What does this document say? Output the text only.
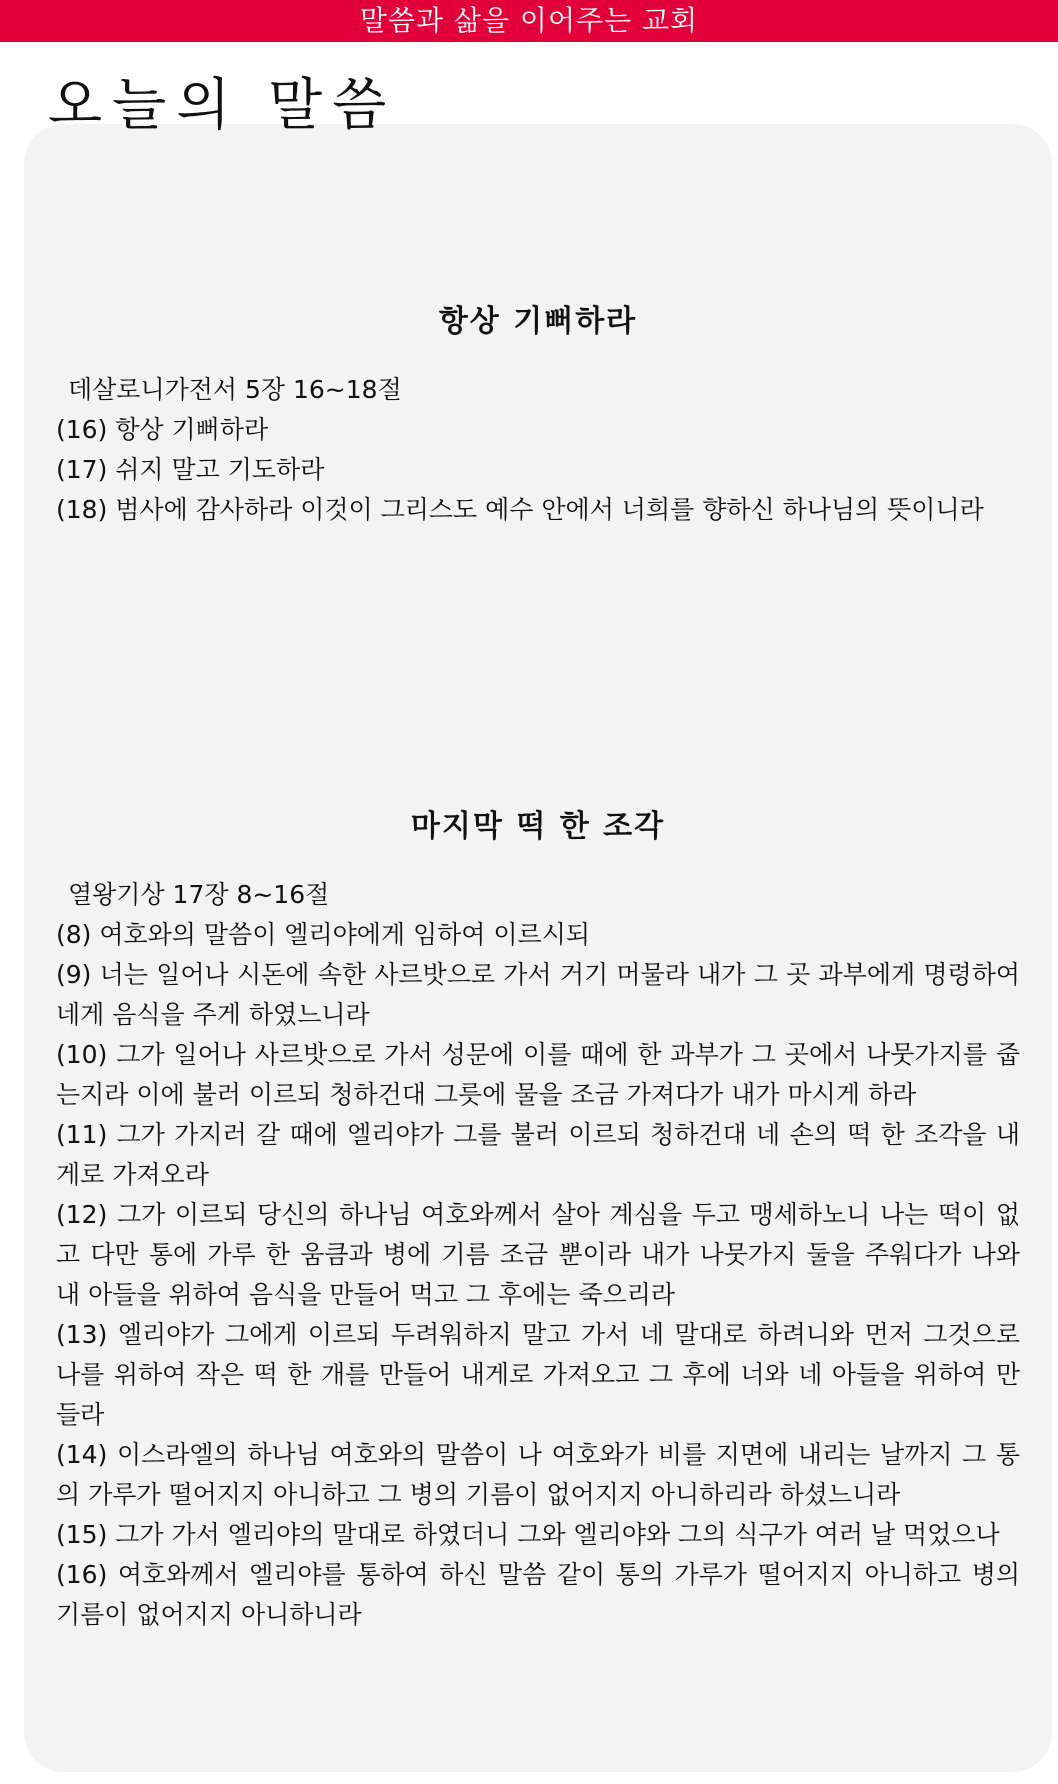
말씀과 삶을 이어주는 교회
오늘의 말씀
항상 기뻐하라

데살로니가전서 5장 16~18절

(16) 항상 기뻐하라

(17) 쉬지 말고 기도하라

(18) 범사에 감사하라 이것이 그리스도 예수 안에서 너희를 향하신 하나님의 뜻이니라

마지막 떡 한 조각

열왕기상 17장 8~16절

(8) 여호와의 말씀이 엘리야에게 임하여 이르시되

(9) 너는 일어나 시돈에 속한 사르밧으로 가서 거기 머물라 내가 그 곳 과부에게 명령하여 네게 음식을 주게 하였느니라

(10) 그가 일어나 사르밧으로 가서 성문에 이를 때에 한 과부가 그 곳에서 나뭇가지를 줍는지라 이에 불러 이르되 청하건대 그릇에 물을 조금 가져다가 내가 마시게 하라

(11) 그가 가지러 갈 때에 엘리야가 그를 불러 이르되 청하건대 네 손의 떡 한 조각을 내게로 가져오라

(12) 그가 이르되 당신의 하나님 여호와께서 살아 계심을 두고 맹세하노니 나는 떡이 없고 다만 통에 가루 한 움큼과 병에 기름 조금 뿐이라 내가 나뭇가지 둘을 주워다가 나와 내 아들을 위하여 음식을 만들어 먹고 그 후에는 죽으리라

(13) 엘리야가 그에게 이르되 두려워하지 말고 가서 네 말대로 하려니와 먼저 그것으로 나를 위하여 작은 떡 한 개를 만들어 내게로 가져오고 그 후에 너와 네 아들을 위하여 만들라

(14) 이스라엘의 하나님 여호와의 말씀이 나 여호와가 비를 지면에 내리는 날까지 그 통의 가루가 떨어지지 아니하고 그 병의 기름이 없어지지 아니하리라 하셨느니라

(15) 그가 가서 엘리야의 말대로 하였더니 그와 엘리야와 그의 식구가 여러 날 먹었으나

(16) 여호와께서 엘리야를 통하여 하신 말씀 같이 통의 가루가 떨어지지 아니하고 병의 기름이 없어지지 아니하니라
